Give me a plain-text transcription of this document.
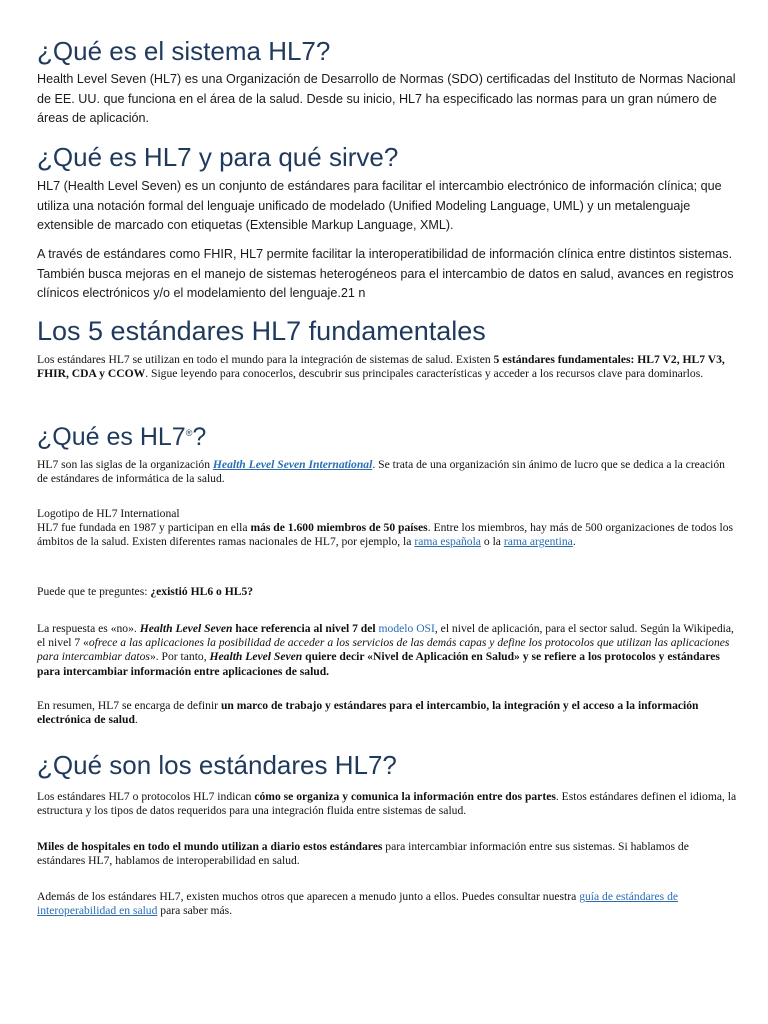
¿Qué es el sistema HL7?

Health Level Seven (HL7) es una Organización de Desarrollo de Normas (SDO) certificadas del Instituto de Normas Nacional de EE. UU. que funciona en el área de la salud. Desde su inicio, HL7 ha especificado las normas para un gran número de áreas de aplicación.

¿Qué es HL7 y para qué sirve?

HL7 (Health Level Seven) es un conjunto de estándares para facilitar el intercambio electrónico de información clínica; que utiliza una notación formal del lenguaje unificado de modelado (Unified Modeling Language, UML) y un metalenguaje extensible de marcado con etiquetas (Extensible Markup Language, XML).

A través de estándares como FHIR, HL7 permite facilitar la interoperatibilidad de información clínica entre distintos sistemas. También busca mejoras en el manejo de sistemas heterogéneos para el intercambio de datos en salud, avances en registros clínicos electrónicos y/o el modelamiento del lenguaje.21 n

Los 5 estándares HL7 fundamentales

Los estándares HL7 se utilizan en todo el mundo para la integración de sistemas de salud. Existen 5 estándares fundamentales: HL7 V2, HL7 V3, FHIR, CDA y CCOW. Sigue leyendo para conocerlos, descubrir sus principales características y acceder a los recursos clave para dominarlos.

¿Qué es HL7®?

HL7 son las siglas de la organización Health Level Seven International. Se trata de una organización sin ánimo de lucro que se dedica a la creación de estándares de informática de la salud.

Logotipo de HL7 International

HL7 fue fundada en 1987 y participan en ella más de 1.600 miembros de 50 países. Entre los miembros, hay más de 500 organizaciones de todos los ámbitos de la salud. Existen diferentes ramas nacionales de HL7, por ejemplo, la rama española o la rama argentina.

Puede que te preguntes: ¿existió HL6 o HL5?

La respuesta es «no». Health Level Seven hace referencia al nivel 7 del modelo OSI, el nivel de aplicación, para el sector salud. Según la Wikipedia, el nivel 7 «ofrece a las aplicaciones la posibilidad de acceder a los servicios de las demás capas y define los protocolos que utilizan las aplicaciones para intercambiar datos». Por tanto, Health Level Seven quiere decir «Nivel de Aplicación en Salud» y se refiere a los protocolos y estándares para intercambiar información entre aplicaciones de salud.

En resumen, HL7 se encarga de definir un marco de trabajo y estándares para el intercambio, la integración y el acceso a la información electrónica de salud.

¿Qué son los estándares HL7?

Los estándares HL7 o protocolos HL7 indican cómo se organiza y comunica la información entre dos partes. Estos estándares definen el idioma, la estructura y los tipos de datos requeridos para una integración fluida entre sistemas de salud.

Miles de hospitales en todo el mundo utilizan a diario estos estándares para intercambiar información entre sus sistemas. Si hablamos de estándares HL7, hablamos de interoperabilidad en salud.

Además de los estándares HL7, existen muchos otros que aparecen a menudo junto a ellos. Puedes consultar nuestra guía de estándares de interoperabilidad en salud para saber más.
